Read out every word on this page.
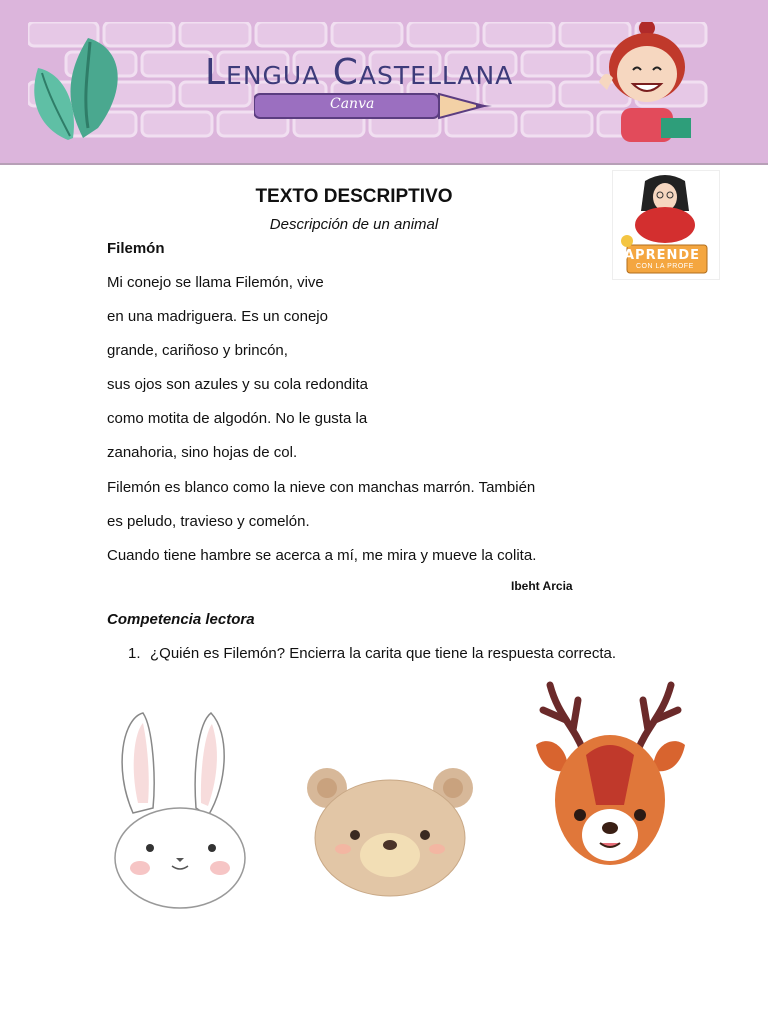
Lengua Castellana
Canva
TEXTO DESCRIPTIVO
Descripción de un animal
APRENDE
CON LA PROFE
Filemón
Mi conejo se llama Filemón, vive
en una madriguera. Es un conejo
grande, cariñoso y brincón,
sus ojos son azules y su cola redondita
como motita de algodón. No le gusta la
zanahoria, sino hojas de col.
Filemón es blanco como la nieve con manchas marrón. También
es peludo, travieso y comelón.
Cuando tiene hambre se acerca a mí, me mira y mueve la colita.
Ibeht Arcia
Competencia lectora
1. ¿Quién es Filemón? Encierra la carita que tiene la respuesta correcta.
